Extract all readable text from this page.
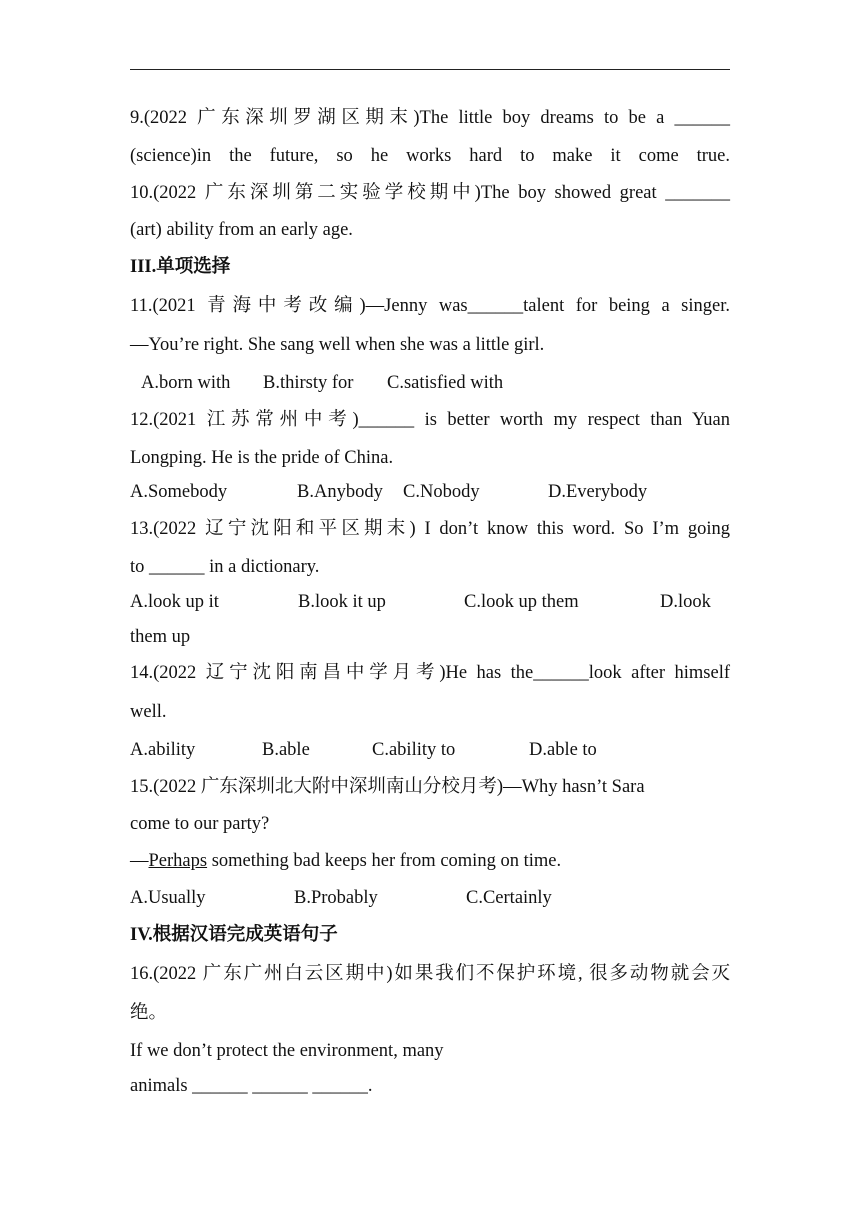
9.(2022 广东深圳罗湖区期末)The little boy dreams to be a ______
(science)in the future, so he works hard to make it come true.
10.(2022 广东深圳第二实验学校期中)The boy showed great _______
(art) ability from an early age.
III.单项选择
11.(2021 青海中考改编)—Jenny was______talent for being a singer.
—You’re right. She sang well when she was a little girl.
A.born with B.thirsty for C.satisfied with
12.(2021 江苏常州中考)______ is better worth my respect than Yuan
Longping. He is the pride of China.
A.Somebody	B.Anybody C.Nobody	D.Everybody
13.(2022 辽宁沈阳和平区期末) I don’t know this word. So I’m going
to ______ in a dictionary.
A.look up it	B.look it up	C.look up them	D.look
them up
14.(2022 辽宁沈阳南昌中学月考)He has the______look after himself
well.
A.ability	B.able	C.ability to	D.able to
15.(2022 广东深圳北大附中深圳南山分校月考)—Why hasn’t Sara
come to our party?
—Perhaps something bad keeps her from coming on time.
A.Usually	B.Probably	C.Certainly
IV.根据汉语完成英语句子
16.(2022 广东广州白云区期中)如果我们不保护环境, 很多动物就会灭
绝。
If we don’t protect the environment, many
animals ______ ______ ______.
